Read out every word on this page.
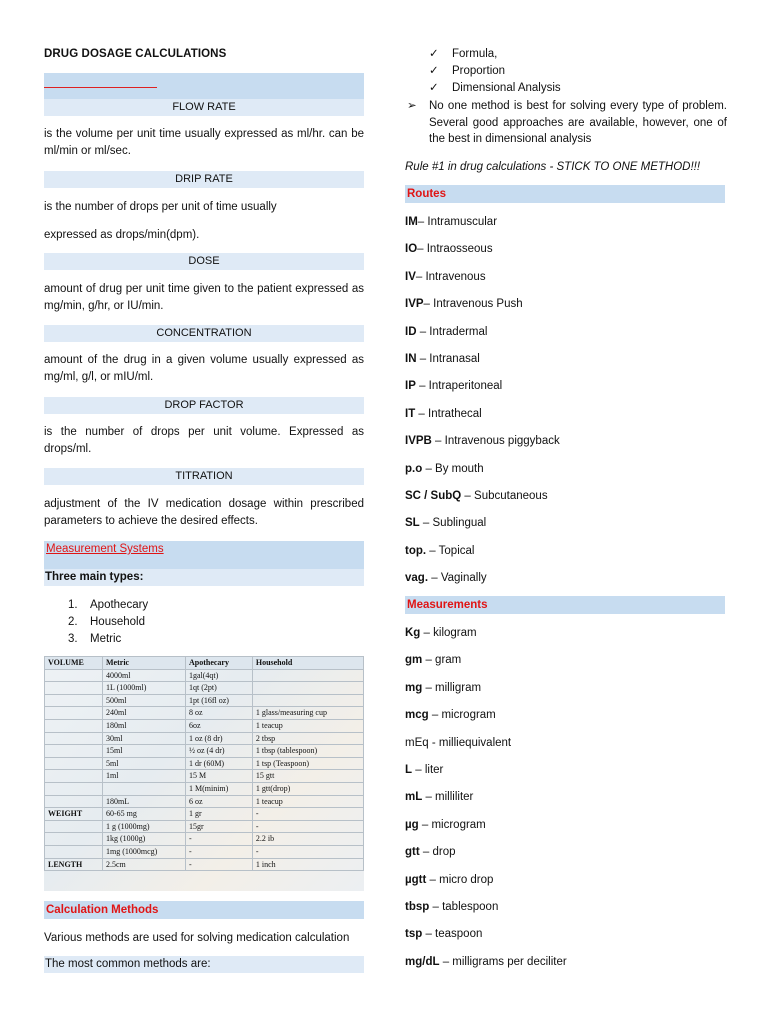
DRUG DOSAGE CALCULATIONS
FLOW RATE
is the volume per unit time usually expressed as ml/hr. can be ml/min or ml/sec.
DRIP RATE
is the number of drops per unit of time usually
expressed as drops/min(dpm).
DOSE
amount of drug per unit time given to the patient expressed as mg/min, g/hr, or IU/min.
CONCENTRATION
amount of the drug in a given volume usually expressed as mg/ml, g/l, or mIU/ml.
DROP FACTOR
is the number of drops per unit volume. Expressed as drops/ml.
TITRATION
adjustment of the IV medication dosage within prescribed parameters to achieve the desired effects.
Measurement Systems
Three main types:
1. Apothecary
2. Household
3. Metric
VOLUME	Metric	Apothecary	Household
	4000ml	1gal(4qt)	
	1L (1000ml)	1qt (2pt)	
	500ml	1pt (16fl oz)	
	240ml	8 oz	1 glass/measuring cup
	180ml	6oz	1 teacup
	30ml	1 oz (8 dr)	2 tbsp
	15ml	½ oz (4 dr)	1 tbsp (tablespoon)
	5ml	1 dr (60M)	1 tsp (Teaspoon)
	1ml	15 M	15 gtt
		1 M(minim)	1 gtt(drop)
	180mL	6 oz	1 teacup
WEIGHT	60-65 mg	1 gr	-
	1 g (1000mg)	15gr	-
	1kg (1000g)	-	2.2 ib
	1mg (1000mcg)	-	-
LENGTH	2.5cm	-	1 inch
Calculation Methods
Various methods are used for solving medication calculation
The most common methods are:
✓ Formula,
✓ Proportion
✓ Dimensional Analysis
➢ No one method is best for solving every type of problem. Several good approaches are available, however, one of the best in dimensional analysis
Rule #1 in drug calculations - STICK TO ONE METHOD!!!
Routes
IM– Intramuscular
IO– Intraosseous
IV– Intravenous
IVP– Intravenous Push
ID – Intradermal
IN – Intranasal
IP – Intraperitoneal
IT – Intrathecal
IVPB – Intravenous piggyback
p.o – By mouth
SC / SubQ – Subcutaneous
SL – Sublingual
top. – Topical
vag. – Vaginally
Measurements
Kg – kilogram
gm – gram
mg – milligram
mcg – microgram
mEq - milliequivalent
L – liter
mL – milliliter
µg – microgram
gtt – drop
µgtt – micro drop
tbsp – tablespoon
tsp – teaspoon
mg/dL – milligrams per deciliter
